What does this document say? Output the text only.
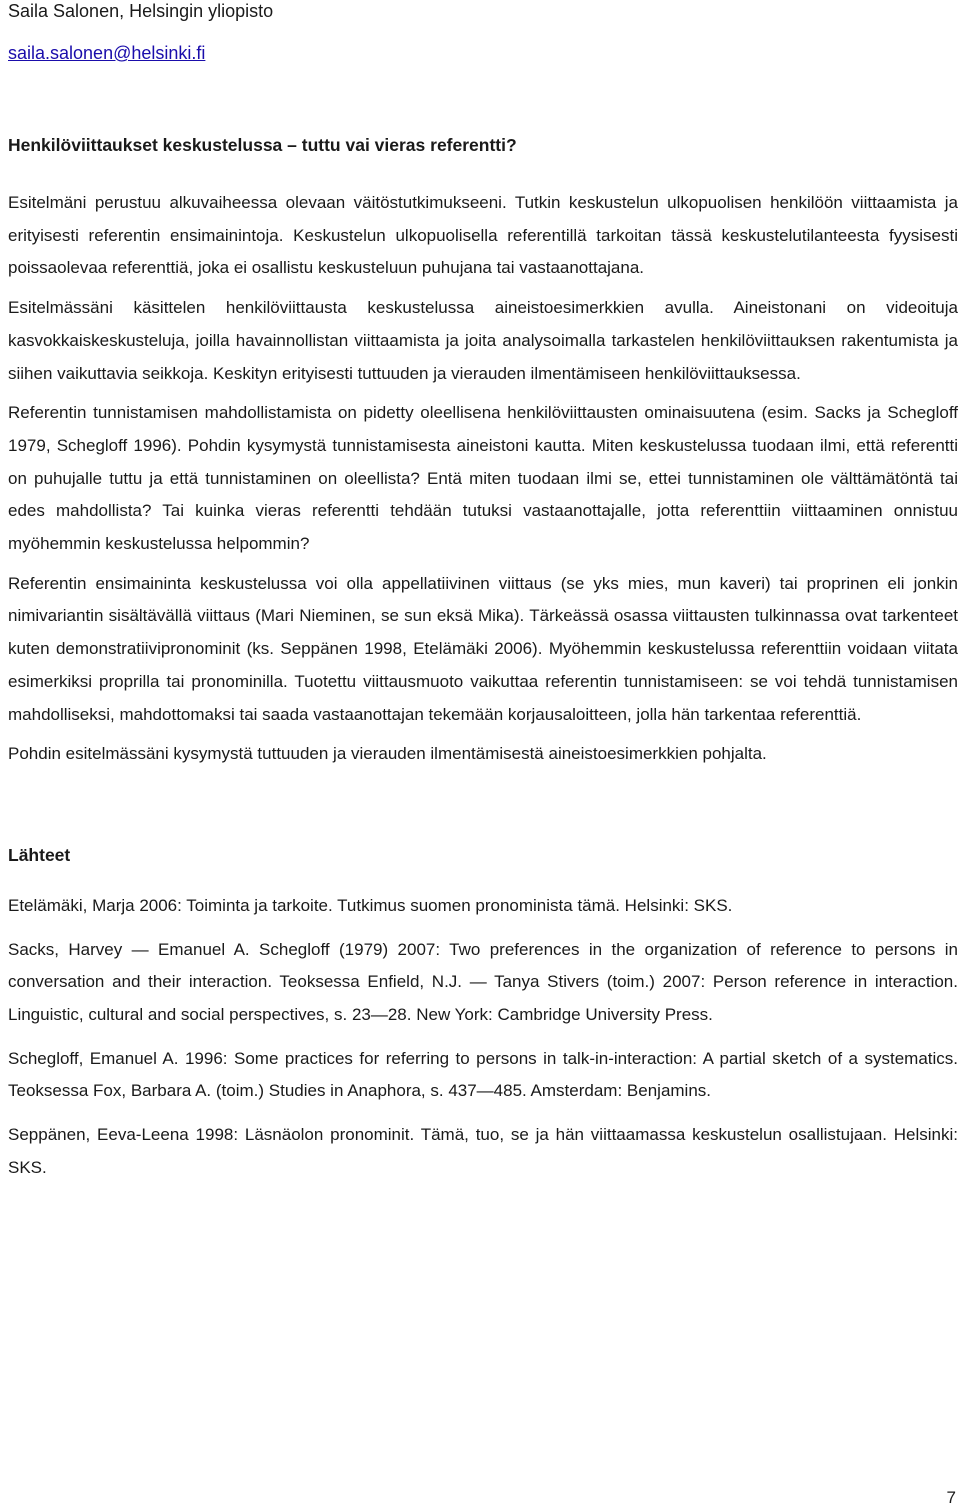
Saila Salonen, Helsingin yliopisto
saila.salonen@helsinki.fi
Henkilöviittaukset keskustelussa – tuttu vai vieras referentti?

Esitelmäni perustuu alkuvaiheessa olevaan väitöstutkimukseeni. Tutkin keskustelun ulkopuolisen henkilöön viittaamista ja erityisesti referentin ensimainintoja. Keskustelun ulkopuolisella referentillä tarkoitan tässä keskustelutilanteesta fyysisesti poissaolevaa referenttiä, joka ei osallistu keskusteluun puhujana tai vastaanottajana.

Esitelmässäni käsittelen henkilöviittausta keskustelussa aineistoesimerkkien avulla. Aineistonani on videoituja kasvokkaiskeskusteluja, joilla havainnollistan viittaamista ja joita analysoimalla tarkastelen henkilöviittauksen rakentumista ja siihen vaikuttavia seikkoja. Keskityn erityisesti tuttuuden ja vierauden ilmentämiseen henkilöviittauksessa.

Referentin tunnistamisen mahdollistamista on pidetty oleellisena henkilöviittausten ominaisuutena (esim. Sacks ja Schegloff 1979, Schegloff 1996). Pohdin kysymystä tunnistamisesta aineistoni kautta. Miten keskustelussa tuodaan ilmi, että referentti on puhujalle tuttu ja että tunnistaminen on oleellista? Entä miten tuodaan ilmi se, ettei tunnistaminen ole välttämätöntä tai edes mahdollista? Tai kuinka vieras referentti tehdään tutuksi vastaanottajalle, jotta referenttiin viittaaminen onnistuu myöhemmin keskustelussa helpommin?

Referentin ensimaininta keskustelussa voi olla appellatiivinen viittaus (se yks mies, mun kaveri) tai proprinen eli jonkin nimivariantin sisältävällä viittaus (Mari Nieminen, se sun eksä Mika). Tärkeässä osassa viittausten tulkinnassa ovat tarkenteet kuten demonstratiivipronominit (ks. Seppänen 1998, Etelämäki 2006). Myöhemmin keskustelussa referenttiin voidaan viitata esimerkiksi proprilla tai pronominilla. Tuotettu viittausmuoto vaikuttaa referentin tunnistamiseen: se voi tehdä tunnistamisen mahdolliseksi, mahdottomaksi tai saada vastaanottajan tekemään korjausaloitteen, jolla hän tarkentaa referenttiä.

Pohdin esitelmässäni kysymystä tuttuuden ja vierauden ilmentämisestä aineistoesimerkkien pohjalta.

Lähteet

Etelämäki, Marja 2006: Toiminta ja tarkoite. Tutkimus suomen pronominista tämä. Helsinki: SKS.

Sacks, Harvey — Emanuel A. Schegloff (1979) 2007: Two preferences in the organization of reference to persons in conversation and their interaction. Teoksessa Enfield, N.J. — Tanya Stivers (toim.) 2007: Person reference in interaction. Linguistic, cultural and social perspectives, s. 23—28. New York: Cambridge University Press.

Schegloff, Emanuel A. 1996: Some practices for referring to persons in talk-in-interaction: A partial sketch of a systematics. Teoksessa Fox, Barbara A. (toim.) Studies in Anaphora, s. 437—485. Amsterdam: Benjamins.

Seppänen, Eeva-Leena 1998: Läsnäolon pronominit. Tämä, tuo, se ja hän viittaamassa keskustelun osallistujaan. Helsinki: SKS.

7
